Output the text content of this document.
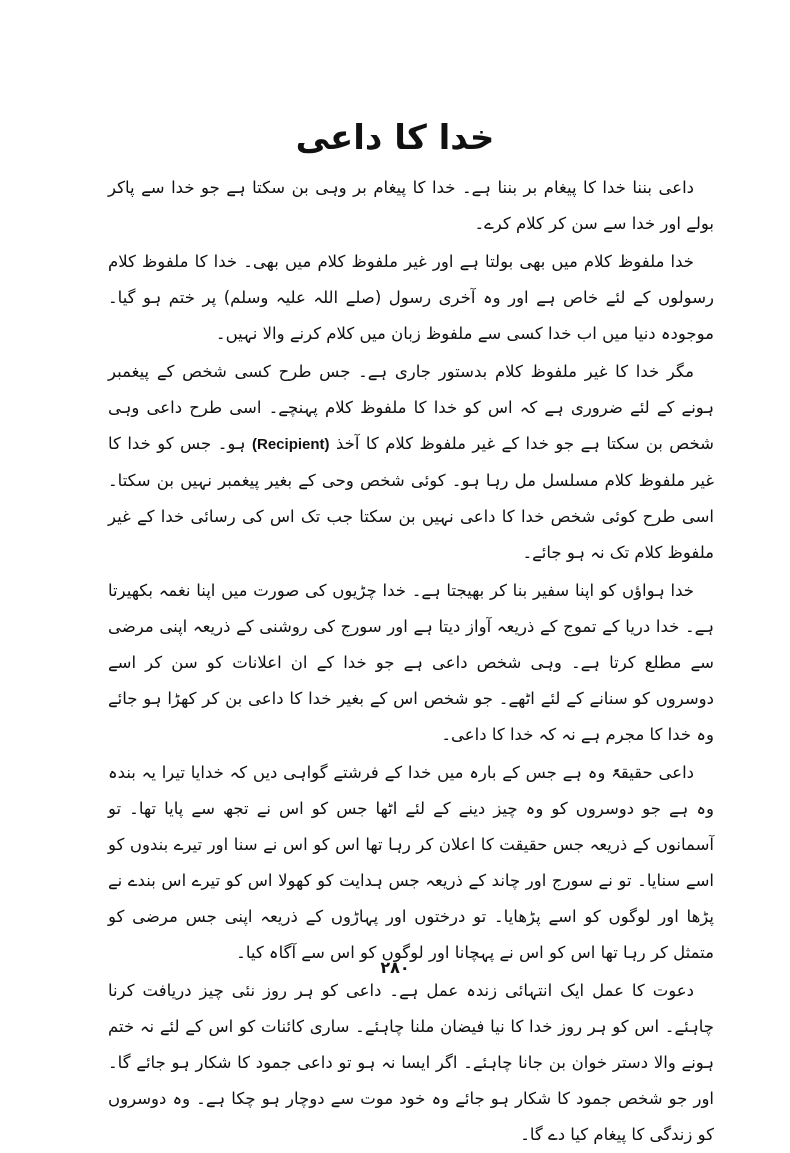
خدا کا داعی

داعی بننا خدا کا پیغام بر بننا ہے۔ خدا کا پیغام بر وہی بن سکتا ہے جو خدا سے پاکر بولے اور خدا سے سن کر کلام کرے۔

خدا ملفوظ کلام میں بھی بولتا ہے اور غیر ملفوظ کلام میں بھی۔ خدا کا ملفوظ کلام رسولوں کے لئے خاص ہے اور وہ آخری رسول (صلے اللہ علیہ وسلم) پر ختم ہو گیا۔ موجودہ دنیا میں اب خدا کسی سے ملفوظ زبان میں کلام کرنے والا نہیں۔

مگر خدا کا غیر ملفوظ کلام بدستور جاری ہے۔ جس طرح کسی شخص کے پیغمبر ہونے کے لئے ضروری ہے کہ اس کو خدا کا ملفوظ کلام پہنچے۔ اسی طرح داعی وہی شخص بن سکتا ہے جو خدا کے غیر ملفوظ کلام کا آخذ (Recipient) ہو۔ جس کو خدا کا غیر ملفوظ کلام مسلسل مل رہا ہو۔ کوئی شخص وحی کے بغیر پیغمبر نہیں بن سکتا۔ اسی طرح کوئی شخص خدا کا داعی نہیں بن سکتا جب تک اس کی رسائی خدا کے غیر ملفوظ کلام تک نہ ہو جائے۔

خدا ہواؤں کو اپنا سفیر بنا کر بھیجتا ہے۔ خدا چڑیوں کی صورت میں اپنا نغمہ بکھیرتا ہے۔ خدا دریا کے تموج کے ذریعہ آواز دیتا ہے اور سورج کی روشنی کے ذریعہ اپنی مرضی سے مطلع کرتا ہے۔ وہی شخص داعی ہے جو خدا کے ان اعلانات کو سن کر اسے دوسروں کو سنانے کے لئے اٹھے۔ جو شخص اس کے بغیر خدا کا داعی بن کر کھڑا ہو جائے وہ خدا کا مجرم ہے نہ کہ خدا کا داعی۔

داعی حقیقۃً وہ ہے جس کے بارہ میں خدا کے فرشتے گواہی دیں کہ خدایا تیرا یہ بندہ وہ ہے جو دوسروں کو وہ چیز دینے کے لئے اٹھا جس کو اس نے تجھ سے پایا تھا۔ تو آسمانوں کے ذریعہ جس حقیقت کا اعلان کر رہا تھا اس کو اس نے سنا اور تیرے بندوں کو اسے سنایا۔ تو نے سورج اور چاند کے ذریعہ جس ہدایت کو کھولا اس کو تیرے اس بندے نے پڑھا اور لوگوں کو اسے پڑھایا۔ تو درختوں اور پہاڑوں کے ذریعہ اپنی جس مرضی کو متمثل کر رہا تھا اس کو اس نے پہچانا اور لوگوں کو اس سے آگاہ کیا۔

دعوت کا عمل ایک انتہائی زندہ عمل ہے۔ داعی کو ہر روز نئی چیز دریافت کرنا چاہئے۔ اس کو ہر روز خدا کا نیا فیضان ملنا چاہئے۔ ساری کائنات کو اس کے لئے نہ ختم ہونے والا دستر خوان بن جانا چاہئے۔ اگر ایسا نہ ہو تو داعی جمود کا شکار ہو جائے گا۔ اور جو شخص جمود کا شکار ہو جائے وہ خود موت سے دوچار ہو چکا ہے۔ وہ دوسروں کو زندگی کا پیغام کیا دے گا۔

۲۸۰
